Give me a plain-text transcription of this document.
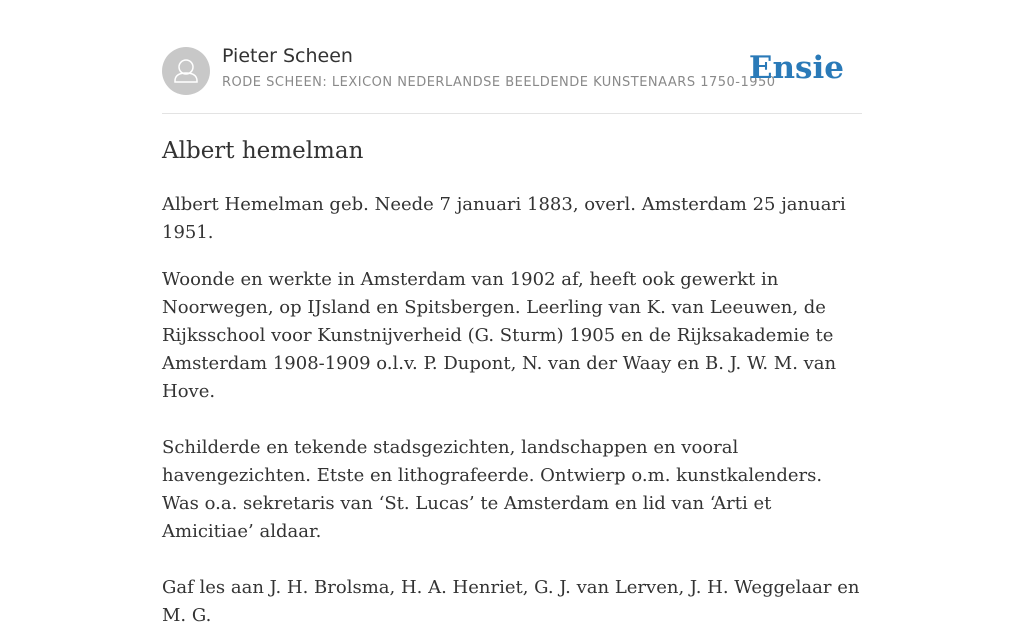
Pieter Scheen
RODE SCHEEN: LEXICON NEDERLANDSE BEELDENDE KUNSTENAARS 1750-1950
Ensie
Albert hemelman

Albert Hemelman geb. Neede 7 januari 1883, overl. Amsterdam 25 januari 1951.

Woonde en werkte in Amsterdam van 1902 af, heeft ook gewerkt in Noorwegen, op IJsland en Spitsbergen. Leerling van K. van Leeuwen, de Rijksschool voor Kunstnijverheid (G. Sturm) 1905 en de Rijksakademie te Amsterdam 1908-1909 o.l.v. P. Dupont, N. van der Waay en B. J. W. M. van Hove.

Schilderde en tekende stadsgezichten, landschappen en vooral havengezichten. Etste en lithografeerde. Ontwierp o.m. kunstkalenders. Was o.a. sekretaris van ‘St. Lucas’ te Amsterdam en lid van ‘Arti et Amicitiae’ aldaar.

Gaf les aan J. H. Brolsma, H. A. Henriet, G. J. van Lerven, J. H. Weggelaar en M. G.
